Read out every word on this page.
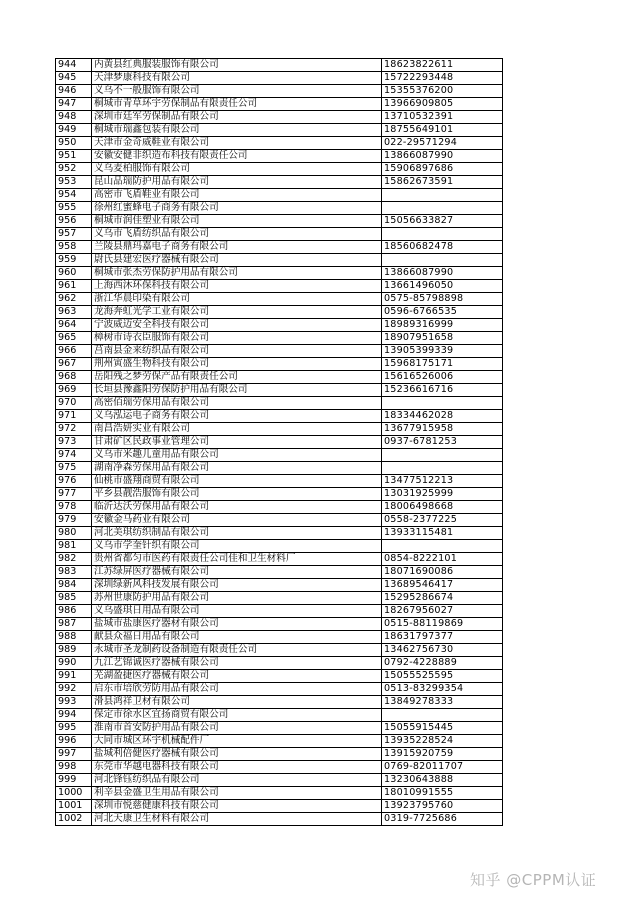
944	内黄县红典服装服饰有限公司	18623822611
945	天津梦康科技有限公司	15722293448
946	义乌不一般服饰有限公司	15355376200
947	桐城市青草环宇劳保制品有限责任公司	13966909805
948	深圳市廷军劳保制品有限公司	13710532391
949	桐城市瑞鑫包装有限公司	18755649101
950	天津市金奇威鞋业有限公司	022-29571294
951	安徽安健非织造布科技有限责任公司	13866087990
952	义乌麦柏服饰有限公司	15906897686
953	昆山品瑞防护用品有限公司	15862673591
954	高密市飞盾鞋业有限公司	
955	徐州红蜜蜂电子商务有限公司	
956	桐城市润佳塑业有限公司	15056633827
957	义乌市飞盾纺织品有限公司	
958	兰陵县鼎玛嘉电子商务有限公司	18560682478
959	尉氏县建宏医疗器械有限公司	
960	桐城市张杰劳保防护用品有限公司	13866087990
961	上海西沐环保科技有限公司	13661496050
962	浙江华晨印染有限公司	0575-85798898
963	龙海奔虹光学工业有限公司	0596-6766535
964	宁波威迈安全科技有限公司	18989316999
965	樟树市诗衣臣服饰有限公司	18907951658
966	莒南县金来纺织品有限公司	13905399339
967	荆州寅盛生物科技有限公司	15968175171
968	岳阳残之梦劳保产品有限责任公司	15616526006
969	长垣县豫鑫阳劳保防护用品有限公司	15236616716
970	高密佰瑞劳保用品有限公司	
971	义乌泓运电子商务有限公司	18334462028
972	南昌浩妍实业有限公司	13677915958
973	甘肃矿区民政事业管理公司	0937-6781253
974	义乌市米趣儿童用品有限公司	
975	湖南净森劳保用品有限公司	
976	仙桃市盛翔商贸有限公司	13477512213
977	平乡县靓浩服饰有限公司	13031925999
978	临沂达沃劳保用品有限公司	18006498668
979	安徽金马药业有限公司	0558-2377225
980	河北美琪纺织制品有限公司	13933115481
981	义乌市学奎针织有限公司	
982	贵州省都匀市医药有限责任公司佳和卫生材料厂	0854-8222101
983	江苏绿屏医疗器械有限公司	18071690086
984	深圳绿新风科技发展有限公司	13689546417
985	苏州世康防护用品有限公司	15295286674
986	义乌盛琪日用品有限公司	18267956027
987	盐城市盐康医疗器材有限公司	0515-88119869
988	献县众福日用品有限公司	18631797377
989	永城市圣龙制药设备制造有限责任公司	13462756730
990	九江艺锦诚医疗器械有限公司	0792-4228889
991	芜湖盈捷医疗器械有限公司	15055525595
992	启东市培欣劳防用品有限公司	0513-83299354
993	滑县鸿祥卫材有限公司	13849278333
994	保定市徐水区宜扬商贸有限公司	
995	淮南市首安防护用品有限公司	15055915445
996	大同市城区环宇机械配件厂	13935228524
997	盐城利倍健医疗器械有限公司	13915920759
998	东莞市华越电器科技有限公司	0769-82011707
999	河北锋钰纺织品有限公司	13230643888
1000	利辛县金盛卫生用品有限公司	18010991555
1001	深圳市悦慈健康科技有限公司	13923795760
1002	河北天康卫生材料有限公司	0319-7725686
知乎 @CPPM认证
